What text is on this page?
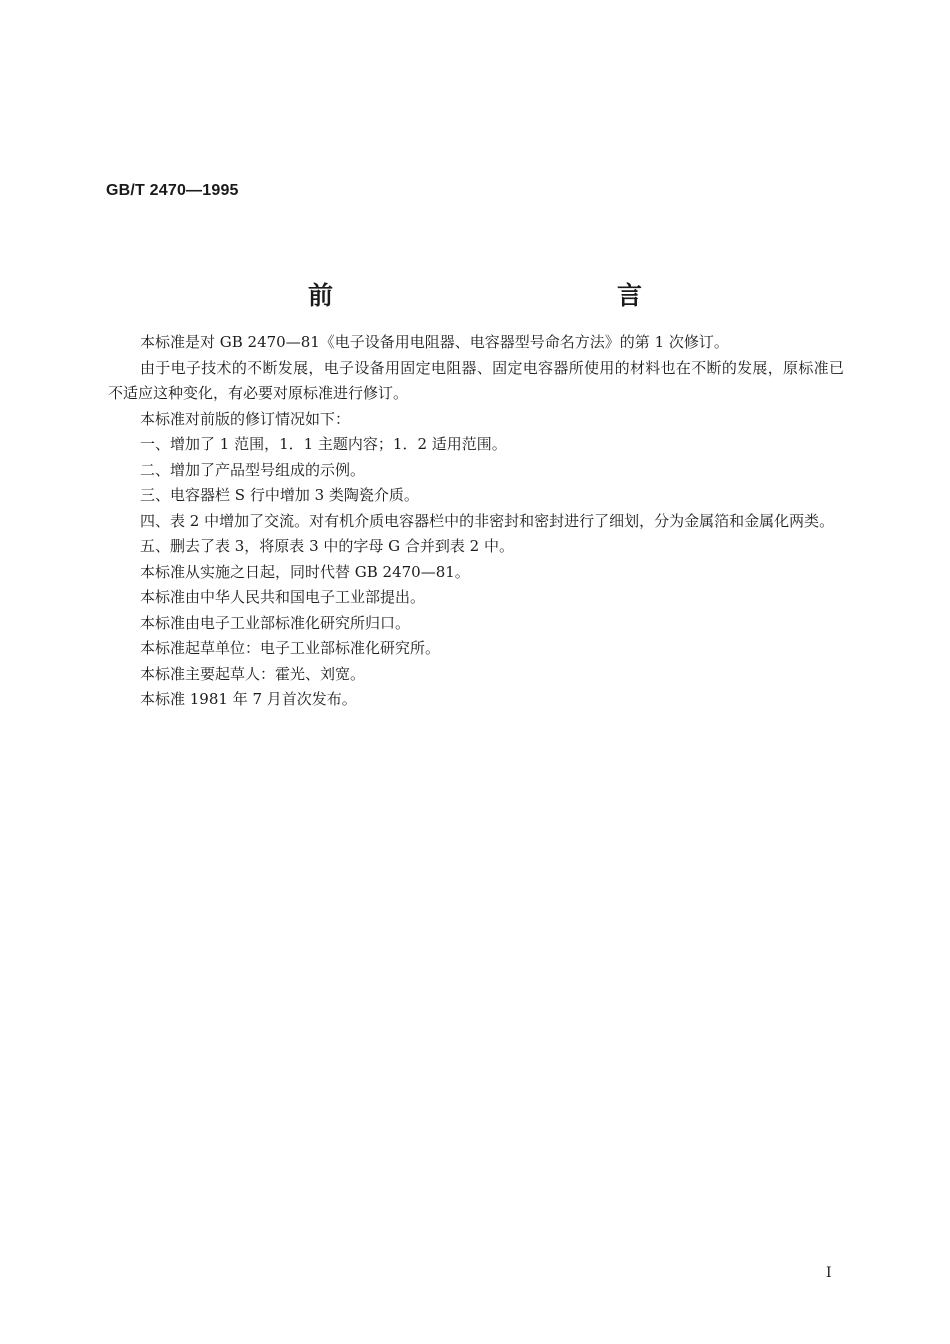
GB/T 2470—1995
前　　言

本标准是对 GB 2470—81《电子设备用电阻器、电容器型号命名方法》的第 1 次修订。

由于电子技术的不断发展，电子设备用固定电阻器、固定电容器所使用的材料也在不断的发展，原标准已不适应这种变化，有必要对原标准进行修订。

本标准对前版的修订情况如下：

一、增加了 1 范围，1．1 主题内容；1．2 适用范围。

二、增加了产品型号组成的示例。

三、电容器栏 S 行中增加 3 类陶瓷介质。

四、表 2 中增加了交流。对有机介质电容器栏中的非密封和密封进行了细划，分为金属箔和金属化两类。

五、删去了表 3，将原表 3 中的字母 G 合并到表 2 中。

本标准从实施之日起，同时代替 GB 2470—81。

本标准由中华人民共和国电子工业部提出。

本标准由电子工业部标准化研究所归口。

本标准起草单位：电子工业部标准化研究所。

本标准主要起草人：霍光、刘宽。

本标准 1981 年 7 月首次发布。

I
